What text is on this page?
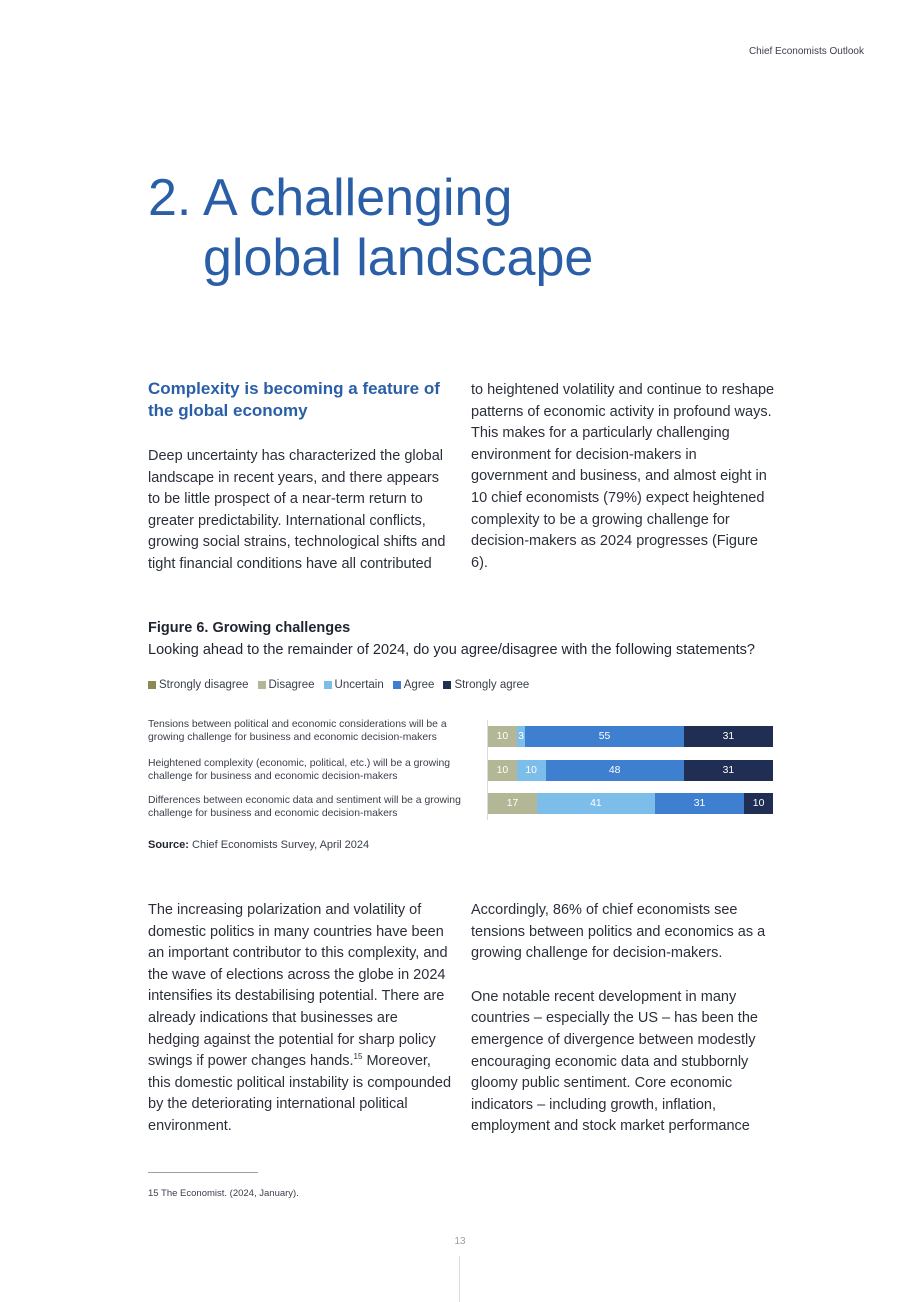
Chief Economists Outlook
2. A challenging
global landscape
Complexity is becoming a feature of the global economy

Deep uncertainty has characterized the global landscape in recent years, and there appears to be little prospect of a near-term return to greater predictability. International conflicts, growing social strains, technological shifts and tight financial conditions have all contributed

to heightened volatility and continue to reshape patterns of economic activity in profound ways. This makes for a particularly challenging environment for decision-makers in government and business, and almost eight in 10 chief economists (79%) expect heightened complexity to be a growing challenge for decision-makers as 2024 progresses (Figure 6).

Figure 6. Growing challenges
Looking ahead to the remainder of 2024, do you agree/disagree with the following statements?
Strongly disagree Disagree Uncertain Agree Strongly agree
Tensions between political and economic considerations will be a growing challenge for business and economic decision-makers
Heightened complexity (economic, political, etc.) will be a growing challenge for business and economic decision-makers
Differences between economic data and sentiment will be a growing challenge for business and economic decision-makers
10 3	55	31
10 10	48	31
17	41	31	10
Source: Chief Economists Survey, April 2024

The increasing polarization and volatility of domestic politics in many countries have been an important contributor to this complexity, and the wave of elections across the globe in 2024 intensifies its destabilising potential. There are already indications that businesses are hedging against the potential for sharp policy swings if power changes hands.$^{15}$ Moreover, this domestic political instability is compounded by the deteriorating international political environment.

Accordingly, 86% of chief economists see tensions between politics and economics as a growing challenge for decision-makers.

One notable recent development in many countries – especially the US – has been the emergence of divergence between modestly encouraging economic data and stubbornly gloomy public sentiment. Core economic indicators – including growth, inflation, employment and stock market performance

15 The Economist. (2024, January).
13
